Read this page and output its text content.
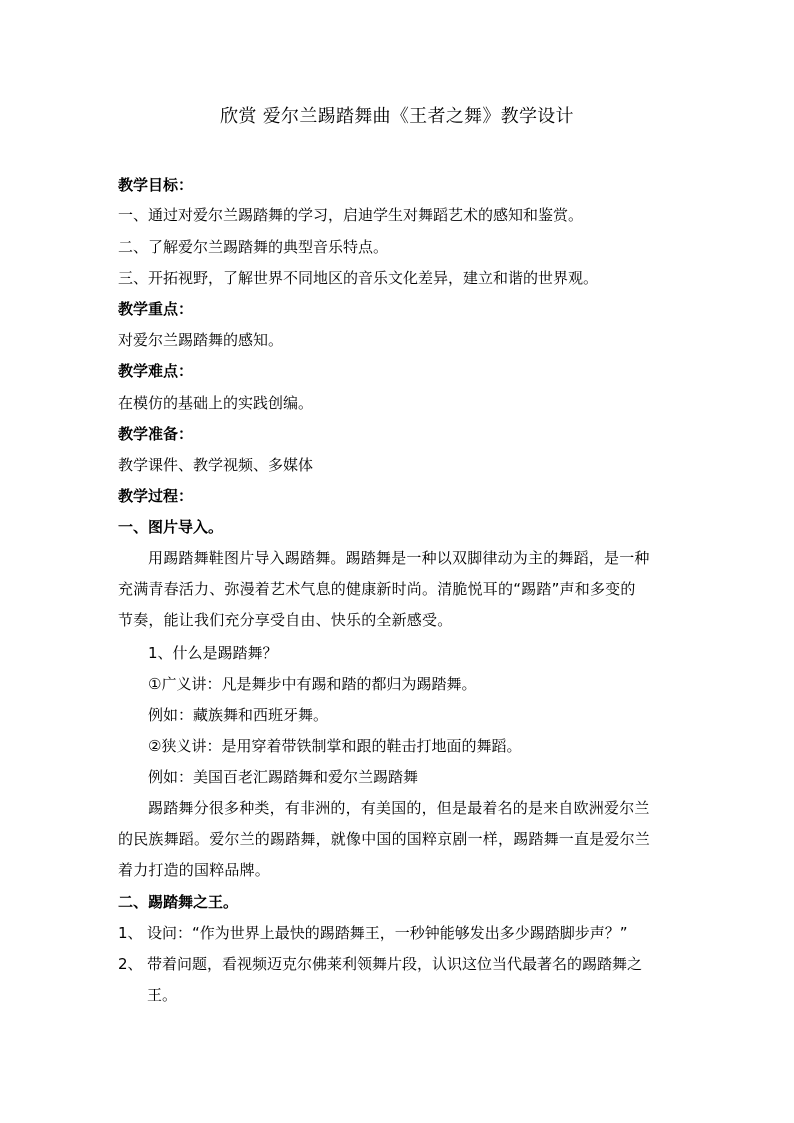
欣赏 爱尔兰踢踏舞曲《王者之舞》教学设计
教学目标：
一、通过对爱尔兰踢踏舞的学习，启迪学生对舞蹈艺术的感知和鉴赏。
二、了解爱尔兰踢踏舞的典型音乐特点。
三、开拓视野，了解世界不同地区的音乐文化差异，建立和谐的世界观。
教学重点：
对爱尔兰踢踏舞的感知。
教学难点：
在模仿的基础上的实践创编。
教学准备：
教学课件、教学视频、多媒体
教学过程：
一、图片导入。
用踢踏舞鞋图片导入踢踏舞。踢踏舞是一种以双脚律动为主的舞蹈，是一种
充满青春活力、弥漫着艺术气息的健康新时尚。清脆悦耳的“踢踏”声和多变的
节奏，能让我们充分享受自由、快乐的全新感受。
1、什么是踢踏舞？
①广义讲：凡是舞步中有踢和踏的都归为踢踏舞。
例如：藏族舞和西班牙舞。
②狭义讲：是用穿着带铁制掌和跟的鞋击打地面的舞蹈。
例如：美国百老汇踢踏舞和爱尔兰踢踏舞
踢踏舞分很多种类，有非洲的，有美国的，但是最着名的是来自欧洲爱尔兰
的民族舞蹈。爱尔兰的踢踏舞，就像中国的国粹京剧一样，踢踏舞一直是爱尔兰
着力打造的国粹品牌。
二、踢踏舞之王。
1、 设问：“作为世界上最快的踢踏舞王，一秒钟能够发出多少踢踏脚步声？”
2、 带着问题，看视频迈克尔佛莱利领舞片段，认识这位当代最著名的踢踏舞之
王。
